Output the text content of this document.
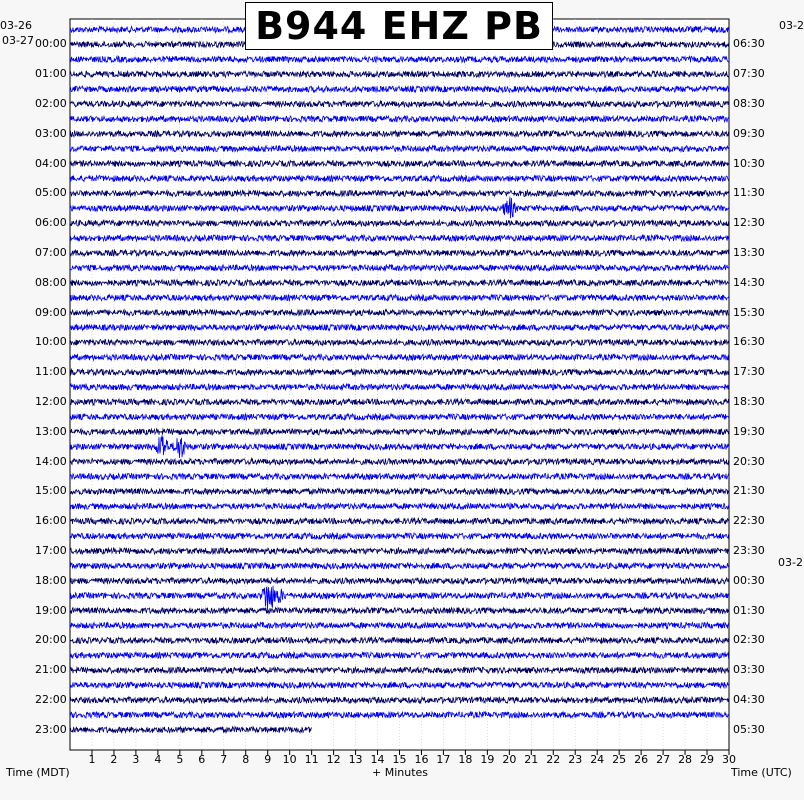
B944 EHZ PB
03-26
03-27
03-2
03-2
00:00
01:00
02:00
03:00
04:00
05:00
06:00
07:00
08:00
09:00
10:00
11:00
12:00
13:00
14:00
15:00
16:00
17:00
18:00
19:00
20:00
21:00
22:00
23:00
06:30
07:30
08:30
09:30
10:30
11:30
12:30
13:30
14:30
15:30
16:30
17:30
18:30
19:30
20:30
21:30
22:30
23:30
00:30
01:30
02:30
03:30
04:30
05:30
1 2 3 4 5 6 7 8 9 10 11 12 13 14 15 16 17 18 19 20 21 22 23 24 25 26 27 28 29 30
Time (MDT)	+ Minutes	Time (UTC)
